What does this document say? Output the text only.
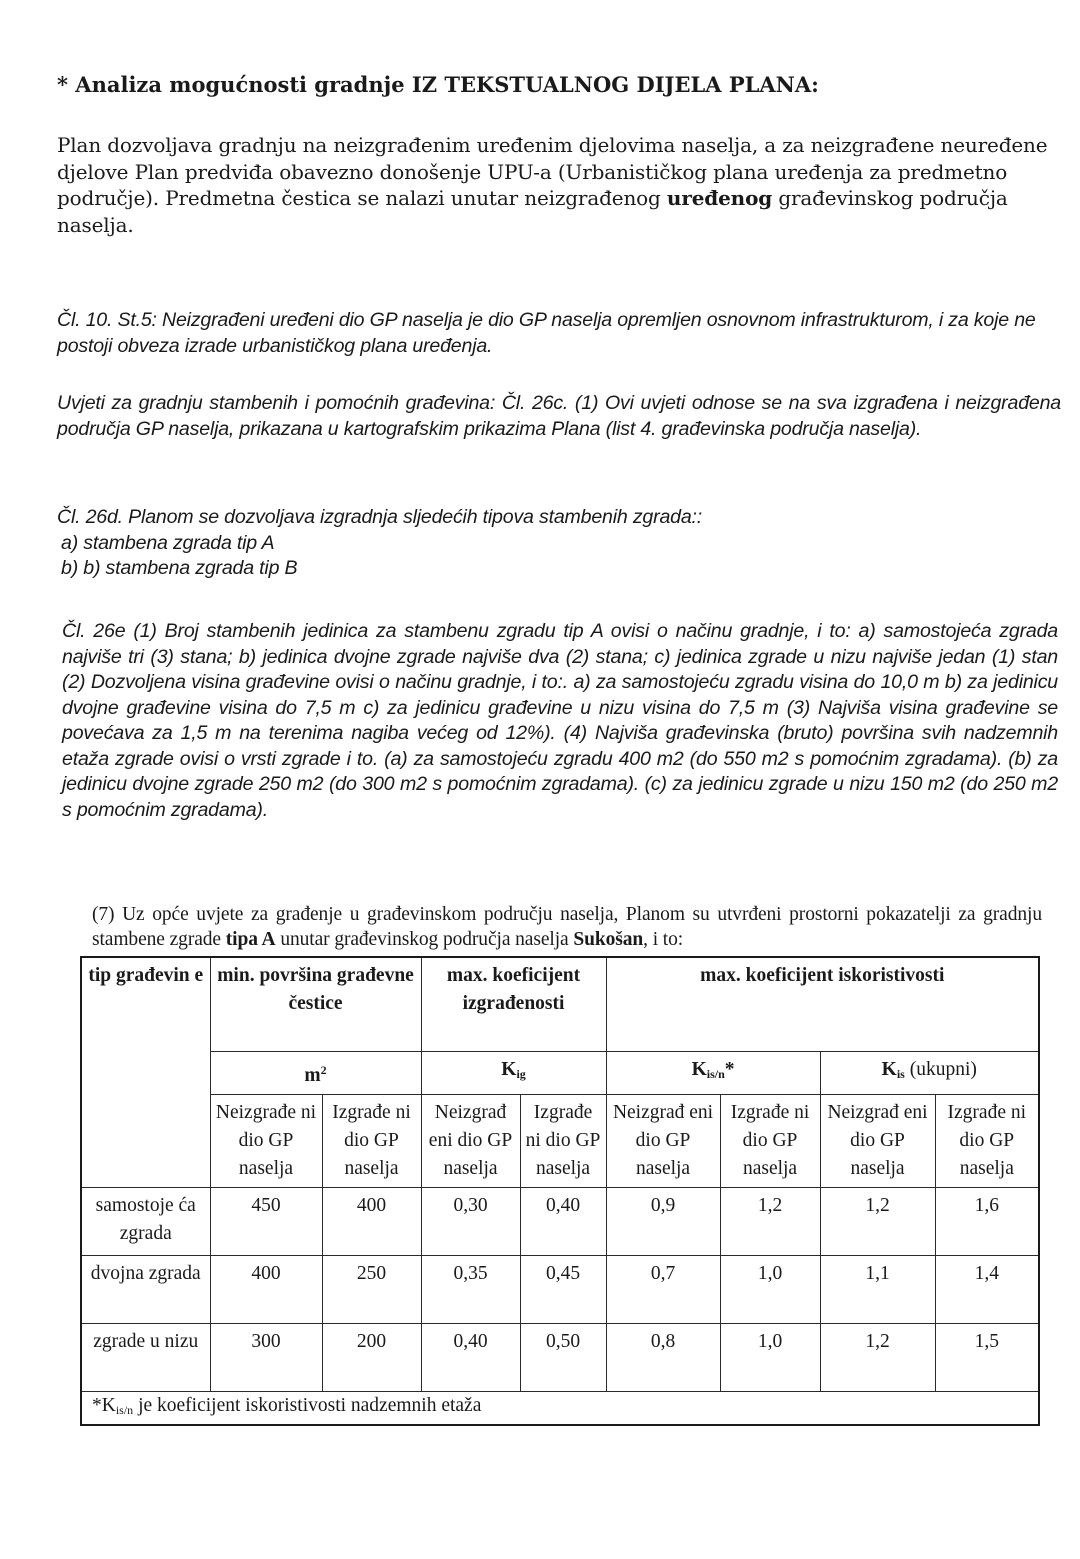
* Analiza mogućnosti gradnje IZ TEKSTUALNOG DIJELA PLANA:

Plan dozvoljava gradnju na neizgrađenim uređenim djelovima naselja, a za neizgrađene neuređene djelove Plan predviđa obavezno donošenje UPU-a (Urbanističkog plana uređenja za predmetno područje). Predmetna čestica se nalazi unutar neizgrađenog uređenog građevinskog područja naselja.

Čl. 10. St.5: Neizgrađeni uređeni dio GP naselja je dio GP naselja opremljen osnovnom infrastrukturom, i za koje ne postoji obveza izrade urbanističkog plana uređenja.

Uvjeti za gradnju stambenih i pomoćnih građevina: Čl. 26c. (1) Ovi uvjeti odnose se na sva izgrađena i neizgrađena područja GP naselja, prikazana u kartografskim prikazima Plana (list 4. građevinska područja naselja).

Čl. 26d. Planom se dozvoljava izgradnja sljedećih tipova stambenih zgrada::
a) stambena zgrada tip A
b) b) stambena zgrada tip B

Čl. 26e (1) Broj stambenih jedinica za stambenu zgradu tip A ovisi o načinu gradnje, i to: a) samostojeća zgrada najviše tri (3) stana; b) jedinica dvojne zgrade najviše dva (2) stana; c) jedinica zgrade u nizu najviše jedan (1) stan (2) Dozvoljena visina građevine ovisi o načinu gradnje, i to:. a) za samostojeću zgradu visina do 10,0 m b) za jedinicu dvojne građevine visina do 7,5 m c) za jedinicu građevine u nizu visina do 7,5 m (3) Najviša visina građevine se povećava za 1,5 m na terenima nagiba većeg od 12%). (4) Najviša građevinska (bruto) površina svih nadzemnih etaža zgrade ovisi o vrsti zgrade i to. (a) za samostojeću zgradu 400 m2 (do 550 m2 s pomoćnim zgradama). (b) za jedinicu dvojne zgrade 250 m2 (do 300 m2 s pomoćnim zgradama). (c) za jedinicu zgrade u nizu 150 m2 (do 250 m2 s pomoćnim zgradama).

(7) Uz opće uvjete za građenje u građevinskom području naselja, Planom su utvrđeni prostorni pokazatelji za gradnju stambene zgrade tipa A unutar građevinskog područja naselja Sukošan, i to:

tip građevin e	min. površina građevne čestice		max. koeficijent izgrađenosti		max. koeficijent iskoristivosti			
	$m^2$		$K_{ig}$		$K_{is/n}*$		$K_{is}$ (ukupni)	
	Neizgrađe ni dio GP naselja	Izgrađe ni dio GP naselja	Neizgrađ eni dio GP naselja	Izgrađe ni dio GP naselja	Neizgrađ eni dio GP naselja	Izgrađe ni dio GP naselja	Neizgrađ eni dio GP naselja	Izgrađe ni dio GP naselja
samostoje ća zgrada	450	400	0,30	0,40	0,9	1,2	1,2	1,6
dvojna zgrada	400	250	0,35	0,45	0,7	1,0	1,1	1,4
zgrade u nizu	300	200	0,40	0,50	0,8	1,0	1,2	1,5
*Kis/n je koeficijent iskoristivosti nadzemnih etaža								
